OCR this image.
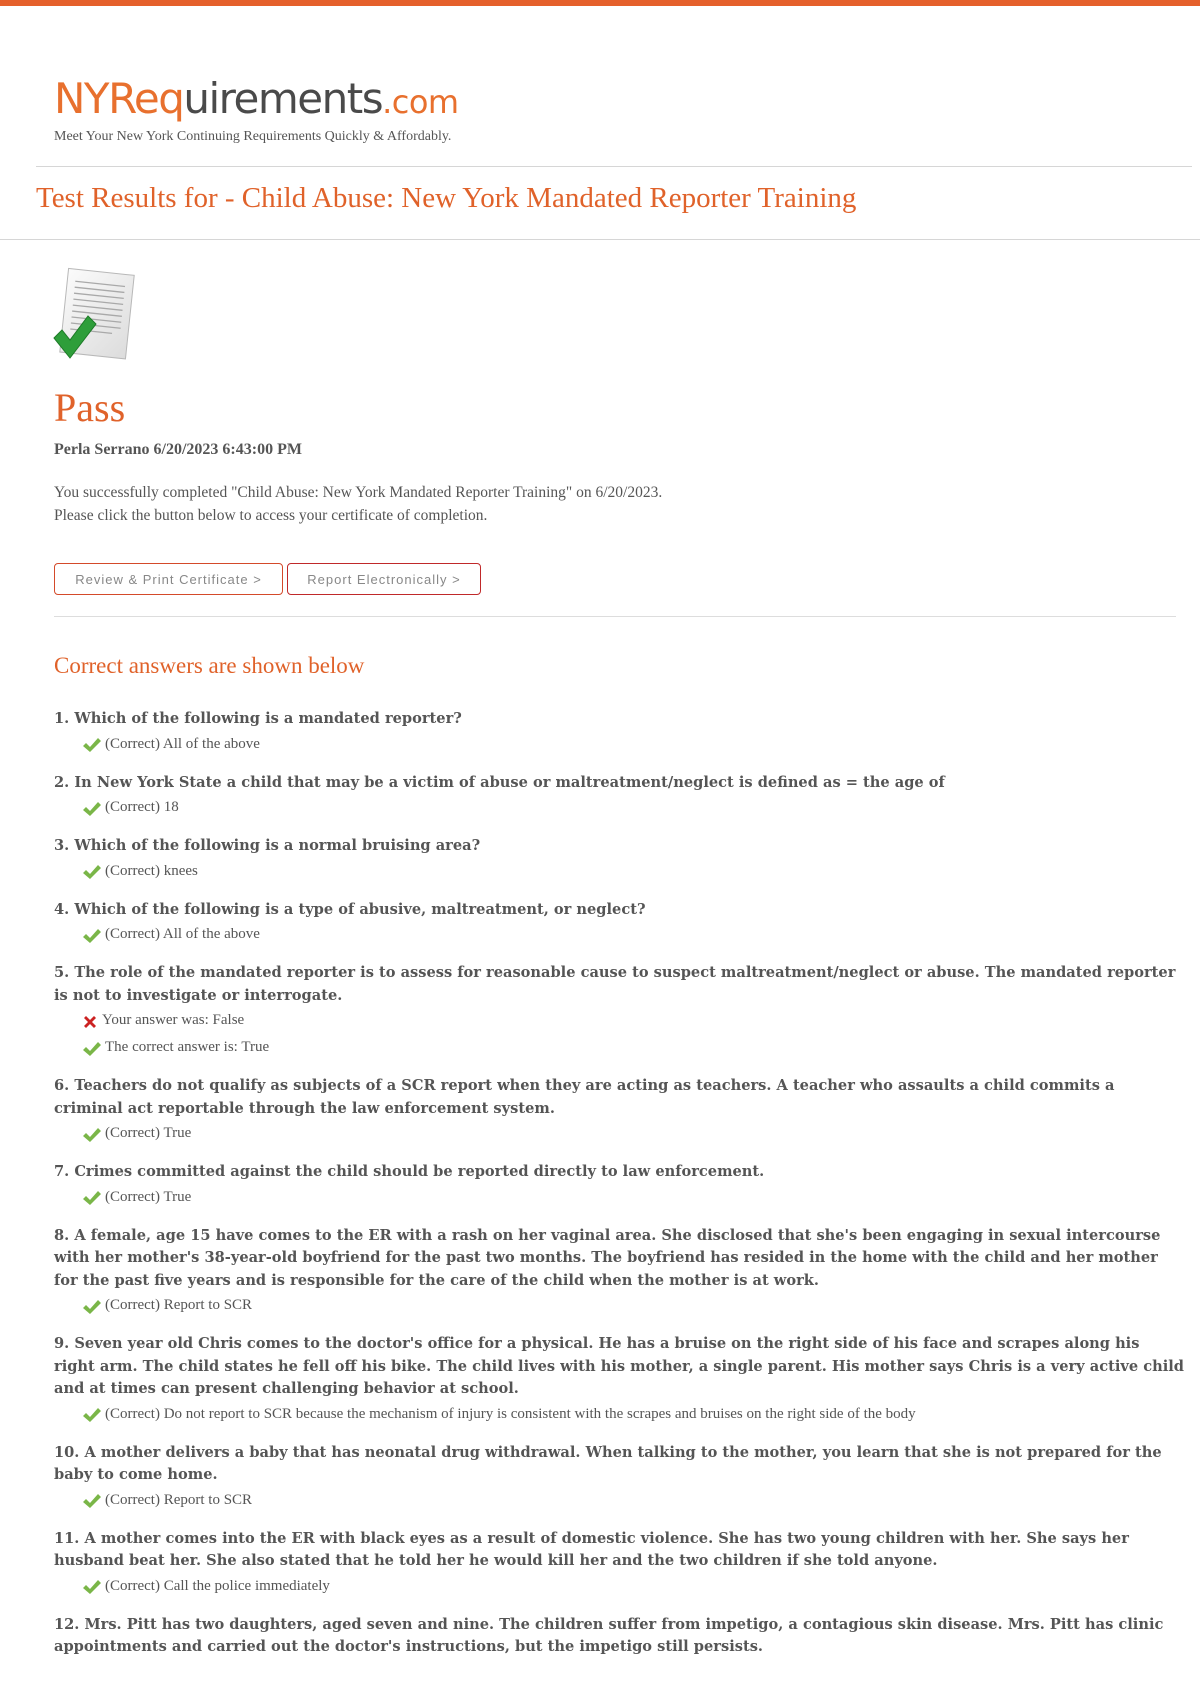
NYRequirements.com
Meet Your New York Continuing Requirements Quickly & Affordably.
Test Results for - Child Abuse: New York Mandated Reporter Training
Pass
Perla Serrano 6/20/2023 6:43:00 PM
You successfully completed "Child Abuse: New York Mandated Reporter Training" on 6/20/2023.
Please click the button below to access your certificate of completion.
Review & Print Certificate >	Report Electronically >
Correct answers are shown below
1. Which of the following is a mandated reporter?
(Correct) All of the above
2. In New York State a child that may be a victim of abuse or maltreatment/neglect is defined as = the age of
(Correct) 18
3. Which of the following is a normal bruising area?
(Correct) knees
4. Which of the following is a type of abusive, maltreatment, or neglect?
(Correct) All of the above
5. The role of the mandated reporter is to assess for reasonable cause to suspect maltreatment/neglect or abuse. The mandated reporter is not to investigate or interrogate.
Your answer was: False
The correct answer is: True
6. Teachers do not qualify as subjects of a SCR report when they are acting as teachers. A teacher who assaults a child commits a criminal act reportable through the law enforcement system.
(Correct) True
7. Crimes committed against the child should be reported directly to law enforcement.
(Correct) True
8. A female, age 15 have comes to the ER with a rash on her vaginal area. She disclosed that she's been engaging in sexual intercourse with her mother's 38-year-old boyfriend for the past two months. The boyfriend has resided in the home with the child and her mother for the past five years and is responsible for the care of the child when the mother is at work.
(Correct) Report to SCR
9. Seven year old Chris comes to the doctor's office for a physical. He has a bruise on the right side of his face and scrapes along his right arm. The child states he fell off his bike. The child lives with his mother, a single parent. His mother says Chris is a very active child and at times can present challenging behavior at school.
(Correct) Do not report to SCR because the mechanism of injury is consistent with the scrapes and bruises on the right side of the body
10. A mother delivers a baby that has neonatal drug withdrawal. When talking to the mother, you learn that she is not prepared for the baby to come home.
(Correct) Report to SCR
11. A mother comes into the ER with black eyes as a result of domestic violence. She has two young children with her. She says her husband beat her. She also stated that he told her he would kill her and the two children if she told anyone.
(Correct) Call the police immediately
12. Mrs. Pitt has two daughters, aged seven and nine. The children suffer from impetigo, a contagious skin disease. Mrs. Pitt has clinic appointments and carried out the doctor's instructions, but the impetigo still persists.
